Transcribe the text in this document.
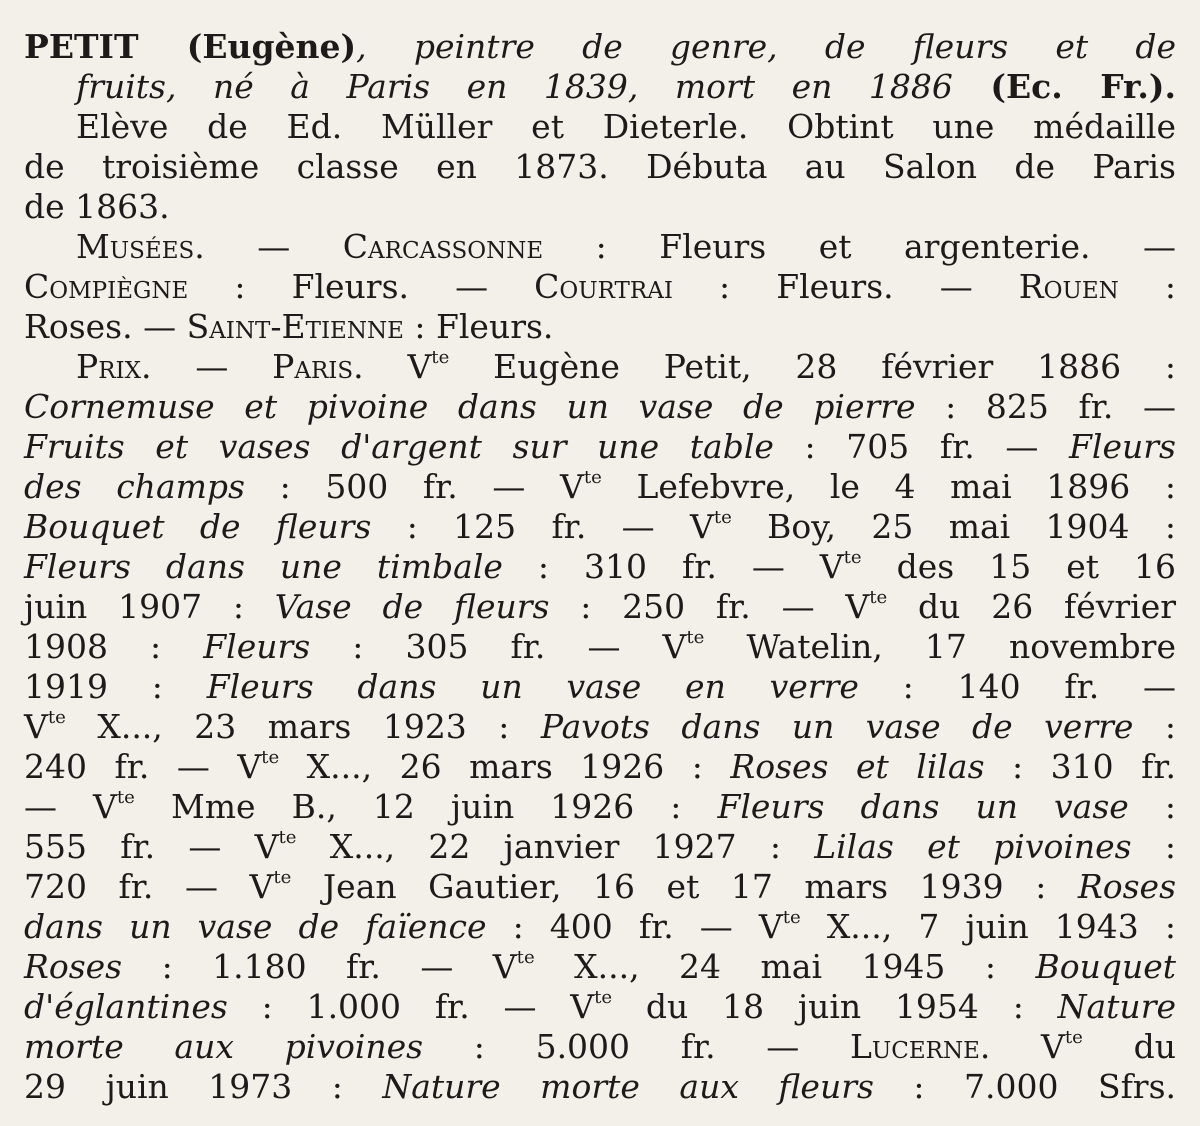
PETIT (Eugène), peintre de genre, de fleurs et de
fruits, né à Paris en 1839, mort en 1886 (Ec. Fr.).
Elève de Ed. Müller et Dieterle. Obtint une médaille
de troisième classe en 1873. Débuta au Salon de Paris
de 1863.
Musées. — Carcassonne : Fleurs et argenterie. —
Compiègne : Fleurs. — Courtrai : Fleurs. — Rouen :
Roses. — Saint-Etienne : Fleurs.
Prix. — Paris. $V^{te}$ Eugène Petit, 28 février 1886 :
Cornemuse et pivoine dans un vase de pierre : 825 fr. —
Fruits et vases d'argent sur une table : 705 fr. — Fleurs
des champs : 500 fr. — $V^{te}$ Lefebvre, le 4 mai 1896 :
Bouquet de fleurs : 125 fr. — $V^{te}$ Boy, 25 mai 1904 :
Fleurs dans une timbale : 310 fr. — $V^{te}$ des 15 et 16
juin 1907 : Vase de fleurs : 250 fr. — $V^{te}$ du 26 février
1908 : Fleurs : 305 fr. — $V^{te}$ Watelin, 17 novembre
1919 : Fleurs dans un vase en verre : 140 fr. —
$V^{te}$ X..., 23 mars 1923 : Pavots dans un vase de verre :
240 fr. — $V^{te}$ X..., 26 mars 1926 : Roses et lilas : 310 fr.
— $V^{te}$ Mme B., 12 juin 1926 : Fleurs dans un vase :
555 fr. — $V^{te}$ X..., 22 janvier 1927 : Lilas et pivoines :
720 fr. — $V^{te}$ Jean Gautier, 16 et 17 mars 1939 : Roses
dans un vase de faïence : 400 fr. — $V^{te}$ X..., 7 juin 1943 :
Roses : 1.180 fr. — $V^{te}$ X..., 24 mai 1945 : Bouquet
d'églantines : 1.000 fr. — $V^{te}$ du 18 juin 1954 : Nature
morte aux pivoines : 5.000 fr. — Lucerne. $V^{te}$ du
29 juin 1973 : Nature morte aux fleurs : 7.000 Sfrs.
